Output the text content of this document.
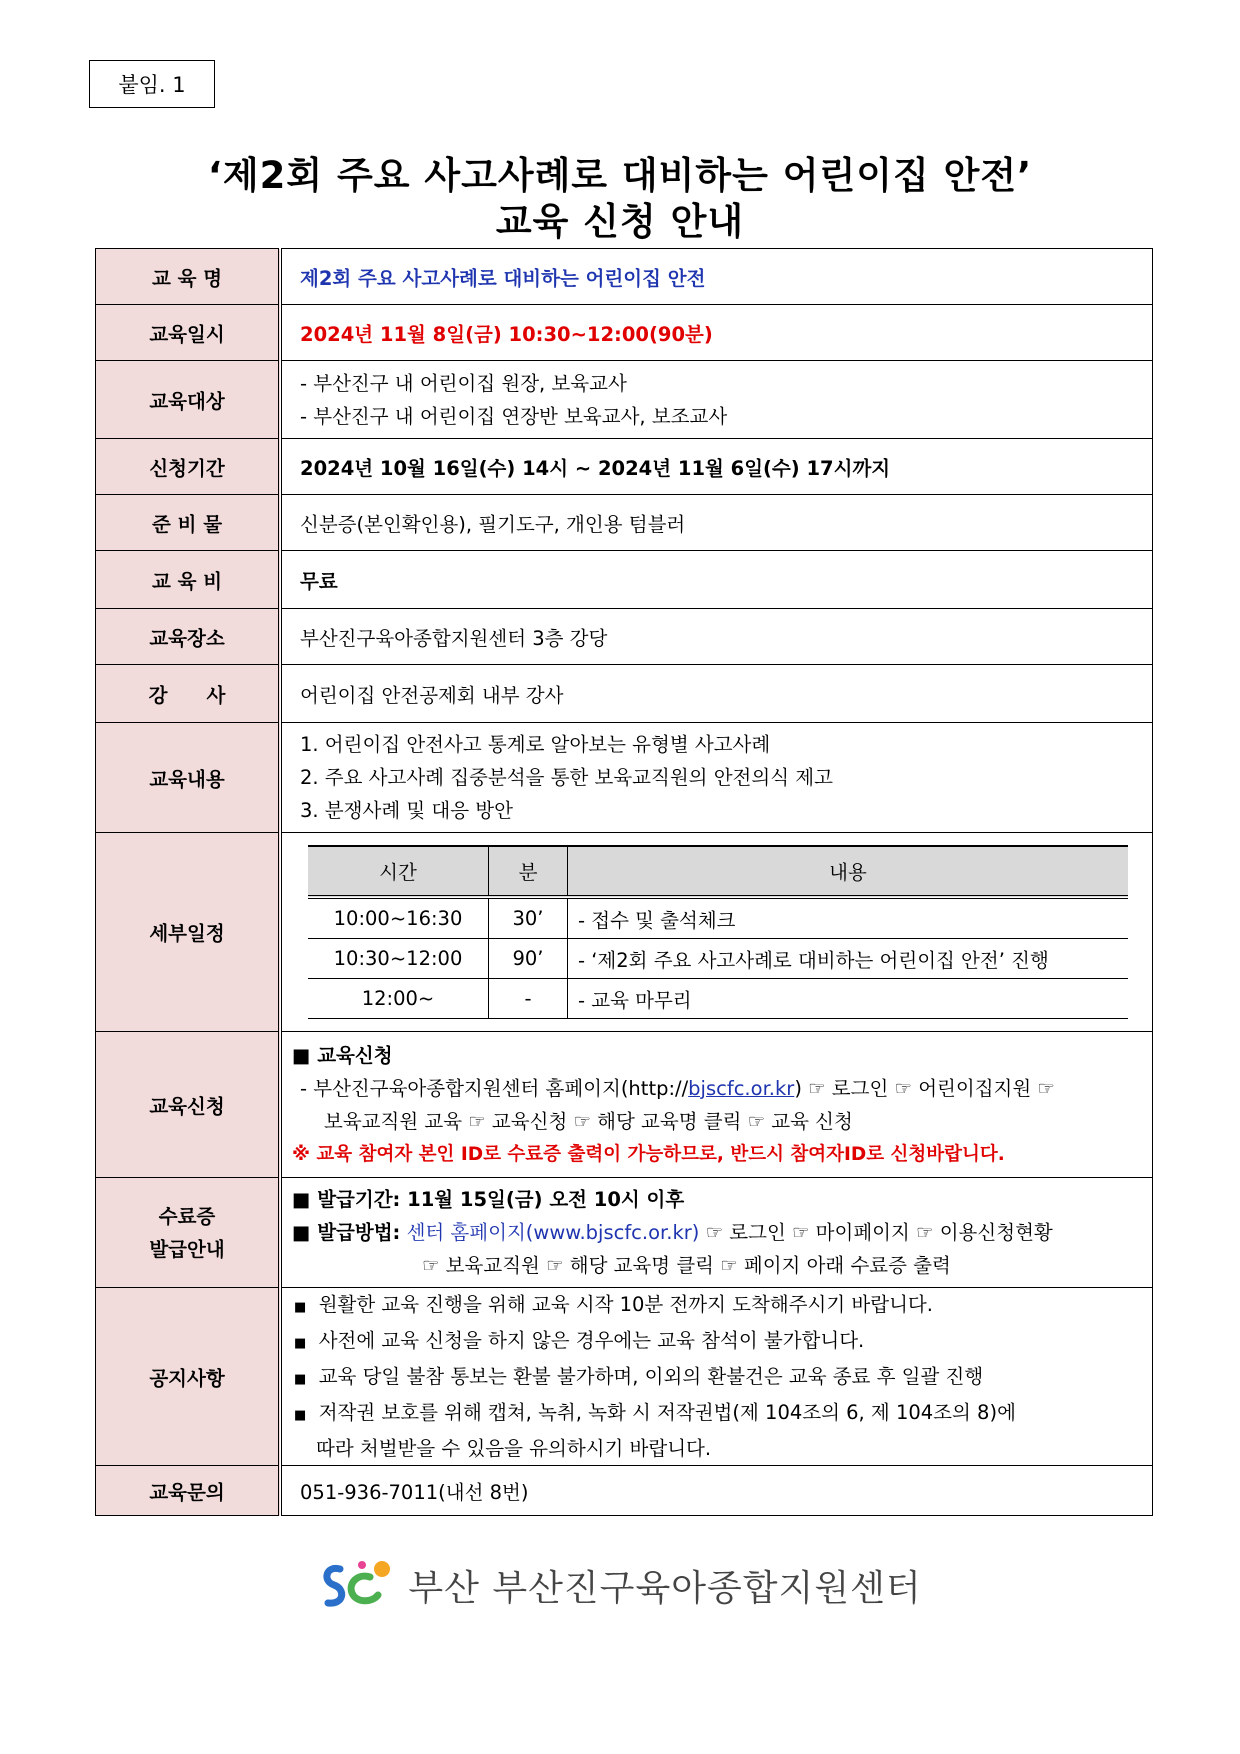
붙임. 1
‘제2회 주요 사고사례로 대비하는 어린이집 안전’
교육 신청 안내
교 육 명	제2회 주요 사고사례로 대비하는 어린이집 안전
교육일시	2024년 11월 8일(금) 10:30~12:00(90분)
교육대상	
- 부산진구 내 어린이집 원장, 보육교사
- 부산진구 내 어린이집 연장반 보육교사, 보조교사

신청기간	2024년 10월 16일(수) 14시 ~ 2024년 11월 6일(수) 17시까지
준 비 물	신분증(본인확인용), 필기도구, 개인용 텀블러
교 육 비	무료
교육장소	부산진구육아종합지원센터 3층 강당
강　　사	어린이집 안전공제회 내부 강사
교육내용	
1. 어린이집 안전사고 통계로 알아보는 유형별 사고사례
2. 주요 사고사례 집중분석을 통한 보육교직원의 안전의식 제고
3. 분쟁사례 및 대응 방안

세부일정	
시간	분	내용
10:00~16:30	30’	- 접수 및 출석체크
10:30~12:00	90’	- ‘제2회 주요 사고사례로 대비하는 어린이집 안전’ 진행
12:00~	-	- 교육 마무리

교육신청	
■ 교육신청
- 부산진구육아종합지원센터 홈페이지(http://bjscfc.or.kr) ☞ 로그인 ☞ 어린이집지원 ☞
보육교직원 교육 ☞ 교육신청 ☞ 해당 교육명 클릭 ☞ 교육 신청
※ 교육 참여자 본인 ID로 수료증 출력이 가능하므로, 반드시 참여자ID로 신청바랍니다.

수료증
발급안내

■ 발급기간: 11월 15일(금) 오전 10시 이후
■ 발급방법: 센터 홈페이지(www.bjscfc.or.kr) ☞ 로그인 ☞ 마이페이지 ☞ 이용신청현황
☞ 보육교직원 ☞ 해당 교육명 클릭 ☞ 페이지 아래 수료증 출력

공지사항	
■ 원활한 교육 진행을 위해 교육 시작 10분 전까지 도착해주시기 바랍니다.
■ 사전에 교육 신청을 하지 않은 경우에는 교육 참석이 불가합니다.
■ 교육 당일 불참 통보는 환불 불가하며, 이외의 환불건은 교육 종료 후 일괄 진행
■ 저작권 보호를 위해 캡쳐, 녹취, 녹화 시 저작권법(제 104조의 6, 제 104조의 8)에
따라 처벌받을 수 있음을 유의하시기 바랍니다.

교육문의	051-936-7011(내선 8번)
부산 부산진구육아종합지원센터
